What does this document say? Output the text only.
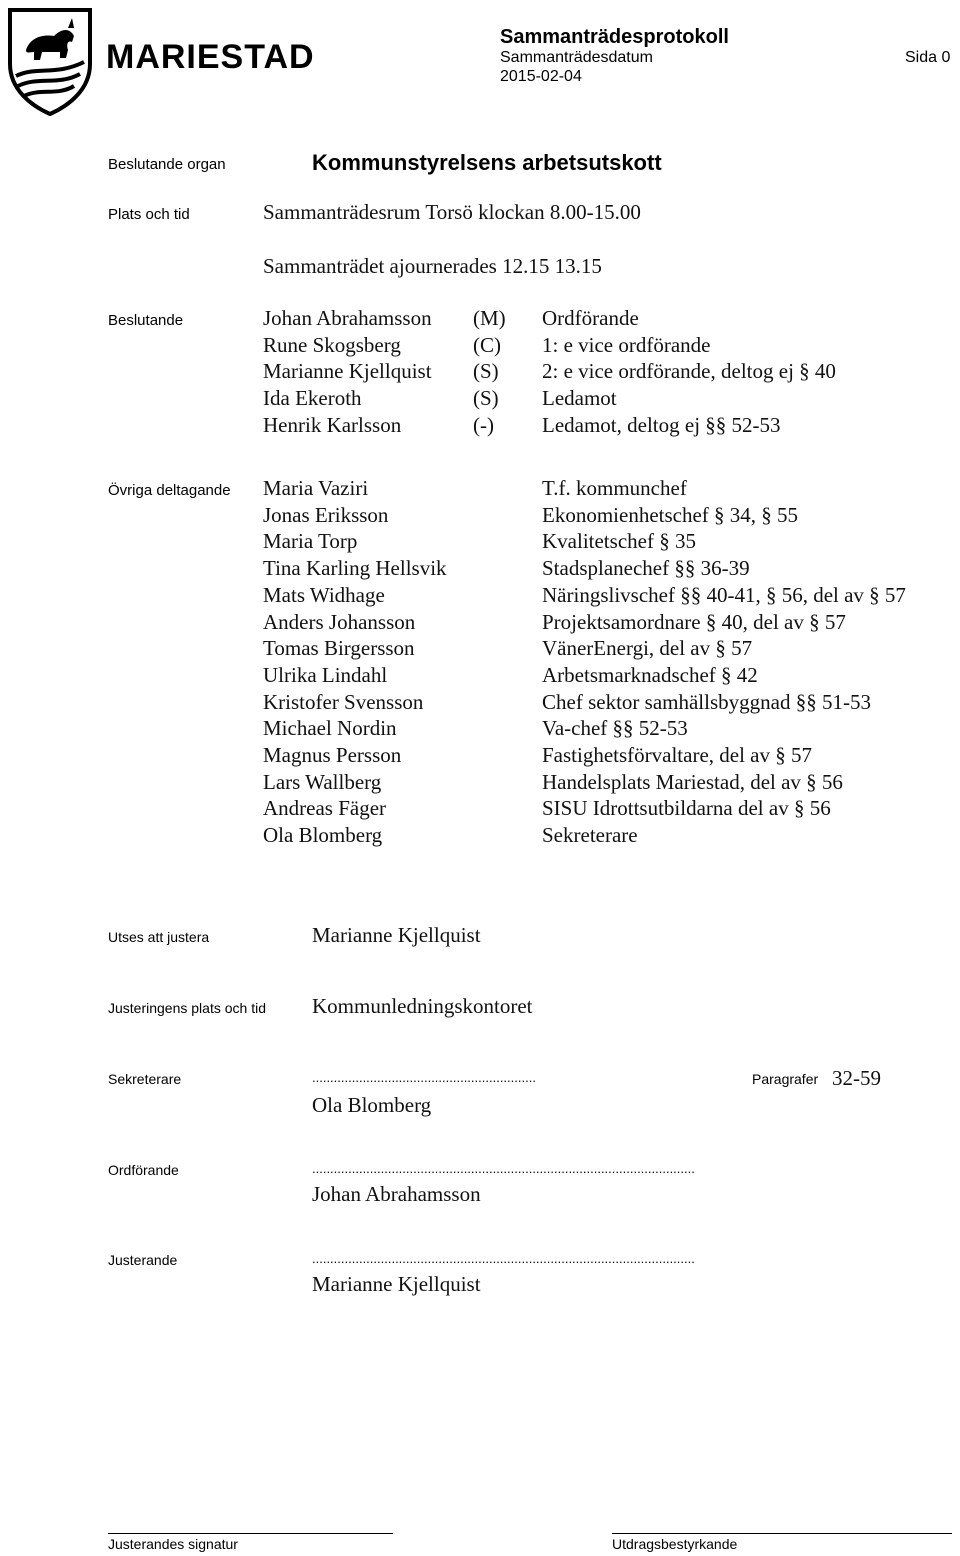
MARIESTAD
Sammanträdesprotokoll
Sammanträdesdatum
2015-02-04
Sida 0
Beslutande organ	Kommunstyrelsens arbetsutskott
Plats och tid	Sammanträdesrum Torsö klockan 8.00-15.00
Sammanträdet ajournerades 12.15 13.15
Beslutande	Johan Abrahamsson (M) Ordförande
Rune Skogsberg	(C) 1: e vice ordförande
Marianne Kjellquist (S) 2: e vice ordförande, deltog ej § 40
Ida Ekeroth	(S) Ledamot
Henrik Karlsson	(-) Ledamot, deltog ej §§ 52-53
Övriga deltagande Maria Vaziri	T.f. kommunchef
Jonas Eriksson	Ekonomienhetschef § 34, § 55
Maria Torp	Kvalitetschef § 35
Tina Karling Hellsvik	Stadsplanechef §§ 36-39
Mats Widhage	Näringslivschef §§ 40-41, § 56, del av § 57
Anders Johansson	Projektsamordnare § 40, del av § 57
Tomas Birgersson	VänerEnergi, del av § 57
Ulrika Lindahl	Arbetsmarknadschef § 42
Kristofer Svensson	Chef sektor samhällsbyggnad §§ 51-53
Michael Nordin	Va-chef §§ 52-53
Magnus Persson	Fastighetsförvaltare, del av § 57
Lars Wallberg	Handelsplats Mariestad, del av § 56
Andreas Fäger	SISU Idrottsutbildarna del av § 56
Ola Blomberg	Sekreterare
Utses att justera	Marianne Kjellquist
Justeringens plats och tid Kommunledningskontoret
Sekreterare	..............................................................	Paragrafer 32-59
Ola Blomberg
Ordförande	..........................................................................................................
Johan Abrahamsson
Justerande	..........................................................................................................
Marianne Kjellquist
Justerandes signatur	Utdragsbestyrkande
